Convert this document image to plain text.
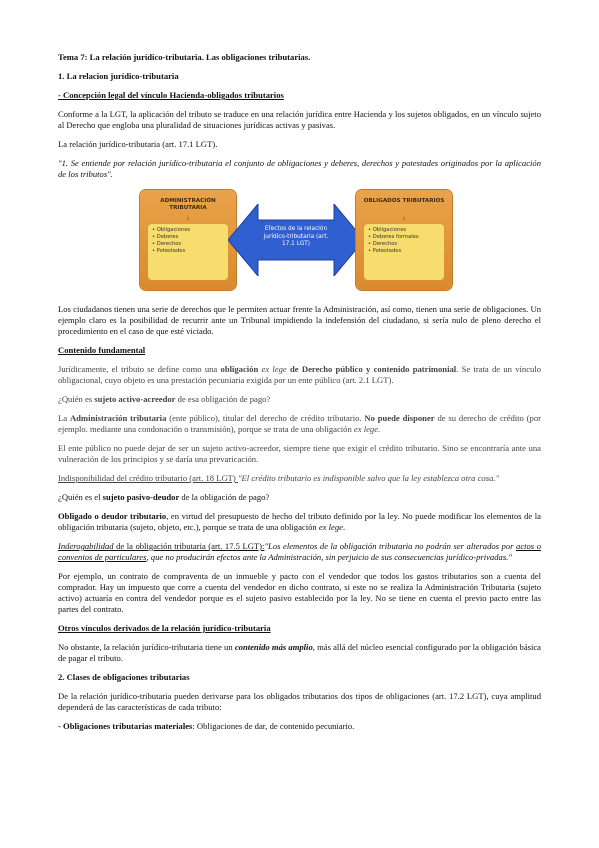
Tema 7: La relación jurídico-tributaria. Las obligaciones tributarias.

1. La relacion jurídico-tributaria

- Concepción legal del vínculo Hacienda-obligados tributarios

Conforme a la LGT, la aplicación del tributo se traduce en una relación jurídica entre Hacienda y los sujetos obligados, en un vínculo sujeto al Derecho que engloba una pluralidad de situaciones jurídicas activas y pasivas.

La relación jurídico-tributaria (art. 17.1 LGT).

"1. Se entiende por relación jurídico-tributaria el conjunto de obligaciones y deberes, derechos y potestades originados por la aplicación de los tributos".

ADMINISTRACIÓN TRIBUTARIA
↓
• Obligaciones
• Deberes
• Derechos
• Potestades
Efectos de la relación jurídico-tributaria (art. 17.1 LGT)
OBLIGADOS TRIBUTARIOS
↓
• Obligaciones
• Deberes formales
• Derechos
• Potestades

Los ciudadanos tienen una serie de derechos que le permiten actuar frente la Administración, así como, tienen una serie de obligaciones. Un ejemplo claro es la posibilidad de recurrir ante un Tribunal impidiendo la indefensión del ciudadano, si sería nulo de pleno derecho el procedimiento en el caso de que esté viciado.

Contenido fundamental

Jurídicamente, el tributo se define como una obligación ex lege de Derecho público y contenido patrimonial. Se trata de un vínculo obligacional, cuyo objeto es una prestación pecuniaria exigida por un ente público (art. 2.1 LGT).

¿Quién es sujeto activo-acreedor de esa obligación de pago?

La Administración tributaria (ente público), titular del derecho de crédito tributario. No puede disponer de su derecho de crédito (por ejemplo. mediante una condonación o transmisión), porque se trata de una obligación ex lege.

El ente público no puede dejar de ser un sujeto activo-acreedor, siempre tiene que exigir el crédito tributario. Sino se encontraría ante una vulneración de los principios y se daría una prevaricación.

Indisponibilidad del crédito tributario (art. 18 LGT) "El crédito tributario es indisponible salvo que la ley establezca otra cosa."

¿Quién es el sujeto pasivo-deudor de la obligación de pago?

Obligado o deudor tributario, en virtud del presupuesto de hecho del tributo definido por la ley. No puede modificar los elementos de la obligación tributaria (sujeto, objeto, etc.), porque se trata de una obligación ex lege.

Inderogabilidad de la obligación tributaria (art. 17.5 LGT):"Los elementos de la obligación tributaria no podrán ser alterados por actos o convenios de particulares, que no producirán efectos ante la Administración, sin perjuicio de sus consecuencias jurídico-privadas."

Por ejemplo, un contrato de compraventa de un inmueble y pacto con el vendedor que todos los gastos tributarios son a cuenta del comprador. Hay un impuesto que corre a cuenta del vendedor en dicho contrato, si este no se realiza la Administración Tributaria (sujeto activo) actuaría en contra del vendedor porque es el sujeto pasivo establecido por la ley. No se tiene en cuenta el previo pacto entre las partes del contrato.

Otros vínculos derivados de la relación jurídico-tributaria

No obstante, la relación jurídico-tributaria tiene un contenido más amplio, más allá del núcleo esencial configurado por la obligación básica de pagar el tributo.

2. Clases de obligaciones tributarias

De la relación jurídico-tributaria pueden derivarse para los obligados tributarios dos tipos de obligaciones (art. 17.2 LGT), cuya amplitud dependerá de las características de cada tributo:

- Obligaciones tributarias materiales: Obligaciones de dar, de contenido pecuniario.
